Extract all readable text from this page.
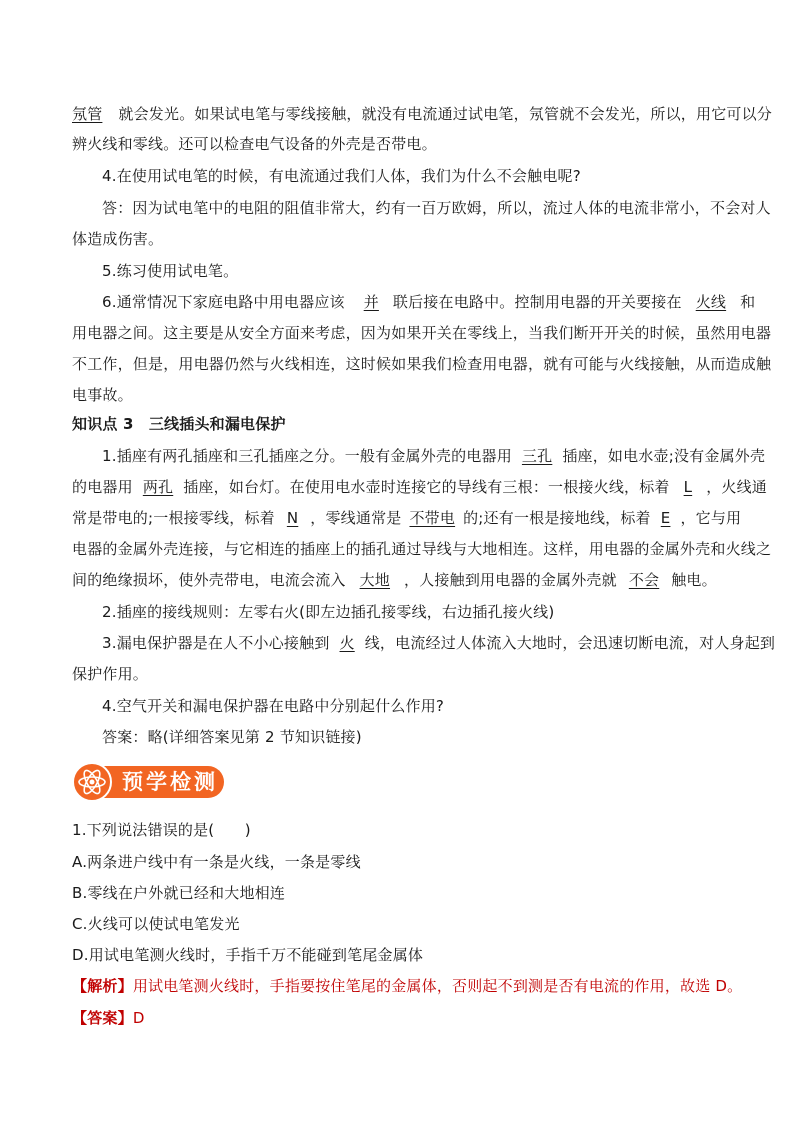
氖管 就会发光。如果试电笔与零线接触，就没有电流通过试电笔，氖管就不会发光，所以，用它可以分
辨火线和零线。还可以检查电气设备的外壳是否带电。
4.在使用试电笔的时候，有电流通过我们人体，我们为什么不会触电呢?
答：因为试电笔中的电阻的阻值非常大，约有一百万欧姆，所以，流过人体的电流非常小，不会对人
体造成伤害。
5.练习使用试电笔。
6.通常情况下家庭电路中用电器应该 并 联后接在电路中。控制用电器的开关要接在 火线 和
用电器之间。这主要是从安全方面来考虑，因为如果开关在零线上，当我们断开开关的时候，虽然用电器
不工作，但是，用电器仍然与火线相连，这时候如果我们检查用电器，就有可能与火线接触，从而造成触
电事故。
知识点 3　三线插头和漏电保护
1.插座有两孔插座和三孔插座之分。一般有金属外壳的电器用 三孔 插座，如电水壶;没有金属外壳
的电器用 两孔 插座，如台灯。在使用电水壶时连接它的导线有三根：一根接火线，标着 L ，火线通
常是带电的;一根接零线，标着 N ，零线通常是 不带电 的;还有一根是接地线，标着 E ，它与用
电器的金属外壳连接，与它相连的插座上的插孔通过导线与大地相连。这样，用电器的金属外壳和火线之
间的绝缘损坏，使外壳带电，电流会流入 大地 ，人接触到用电器的金属外壳就 不会 触电。
2.插座的接线规则：左零右火(即左边插孔接零线，右边插孔接火线)
3.漏电保护器是在人不小心接触到 火 线，电流经过人体流入大地时，会迅速切断电流，对人身起到
保护作用。
4.空气开关和漏电保护器在电路中分别起什么作用?
答案：略(详细答案见第 2 节知识链接)
预学检测
1.下列说法错误的是(　　)
A.两条进户线中有一条是火线，一条是零线
B.零线在户外就已经和大地相连
C.火线可以使试电笔发光
D.用试电笔测火线时，手指千万不能碰到笔尾金属体
【解析】用试电笔测火线时，手指要按住笔尾的金属体，否则起不到测是否有电流的作用，故选 D。
【答案】D
